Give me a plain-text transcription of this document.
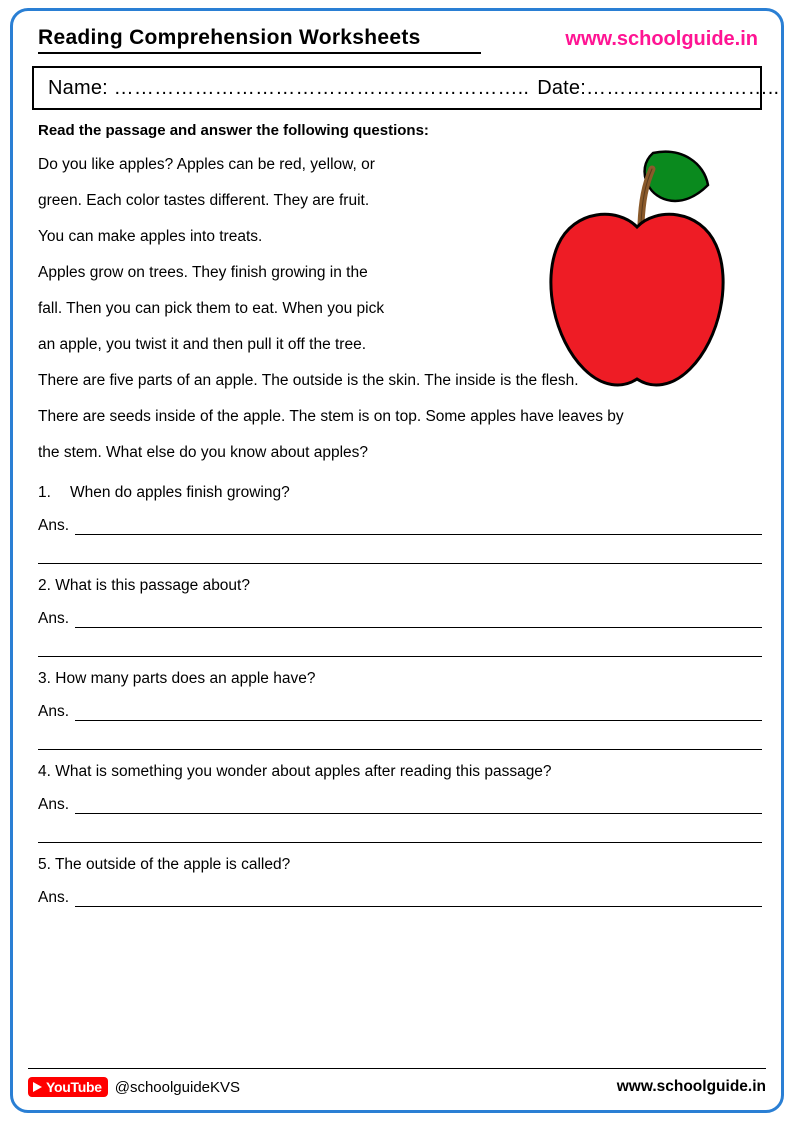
Reading Comprehension Worksheets	www.schoolguide.in
Name: …………………………………………………….. Date:………………………..
Read the passage and answer the following questions:
Do you like apples? Apples can be red, yellow, or
green. Each color tastes different. They are fruit.
You can make apples into treats.
Apples grow on trees. They finish growing in the
fall. Then you can pick them to eat. When you pick
an apple, you twist it and then pull it off the tree.
There are five parts of an apple. The outside is the skin. The inside is the flesh.
There are seeds inside of the apple. The stem is on top. Some apples have leaves by
the stem. What else do you know about apples?
1. When do apples finish growing?
Ans.
2. What is this passage about?
Ans.
3. How many parts does an apple have?
Ans.
4. What is something you wonder about apples after reading this passage?
Ans.
5. The outside of the apple is called?
Ans.
YouTube @schoolguideKVS	www.schoolguide.in
